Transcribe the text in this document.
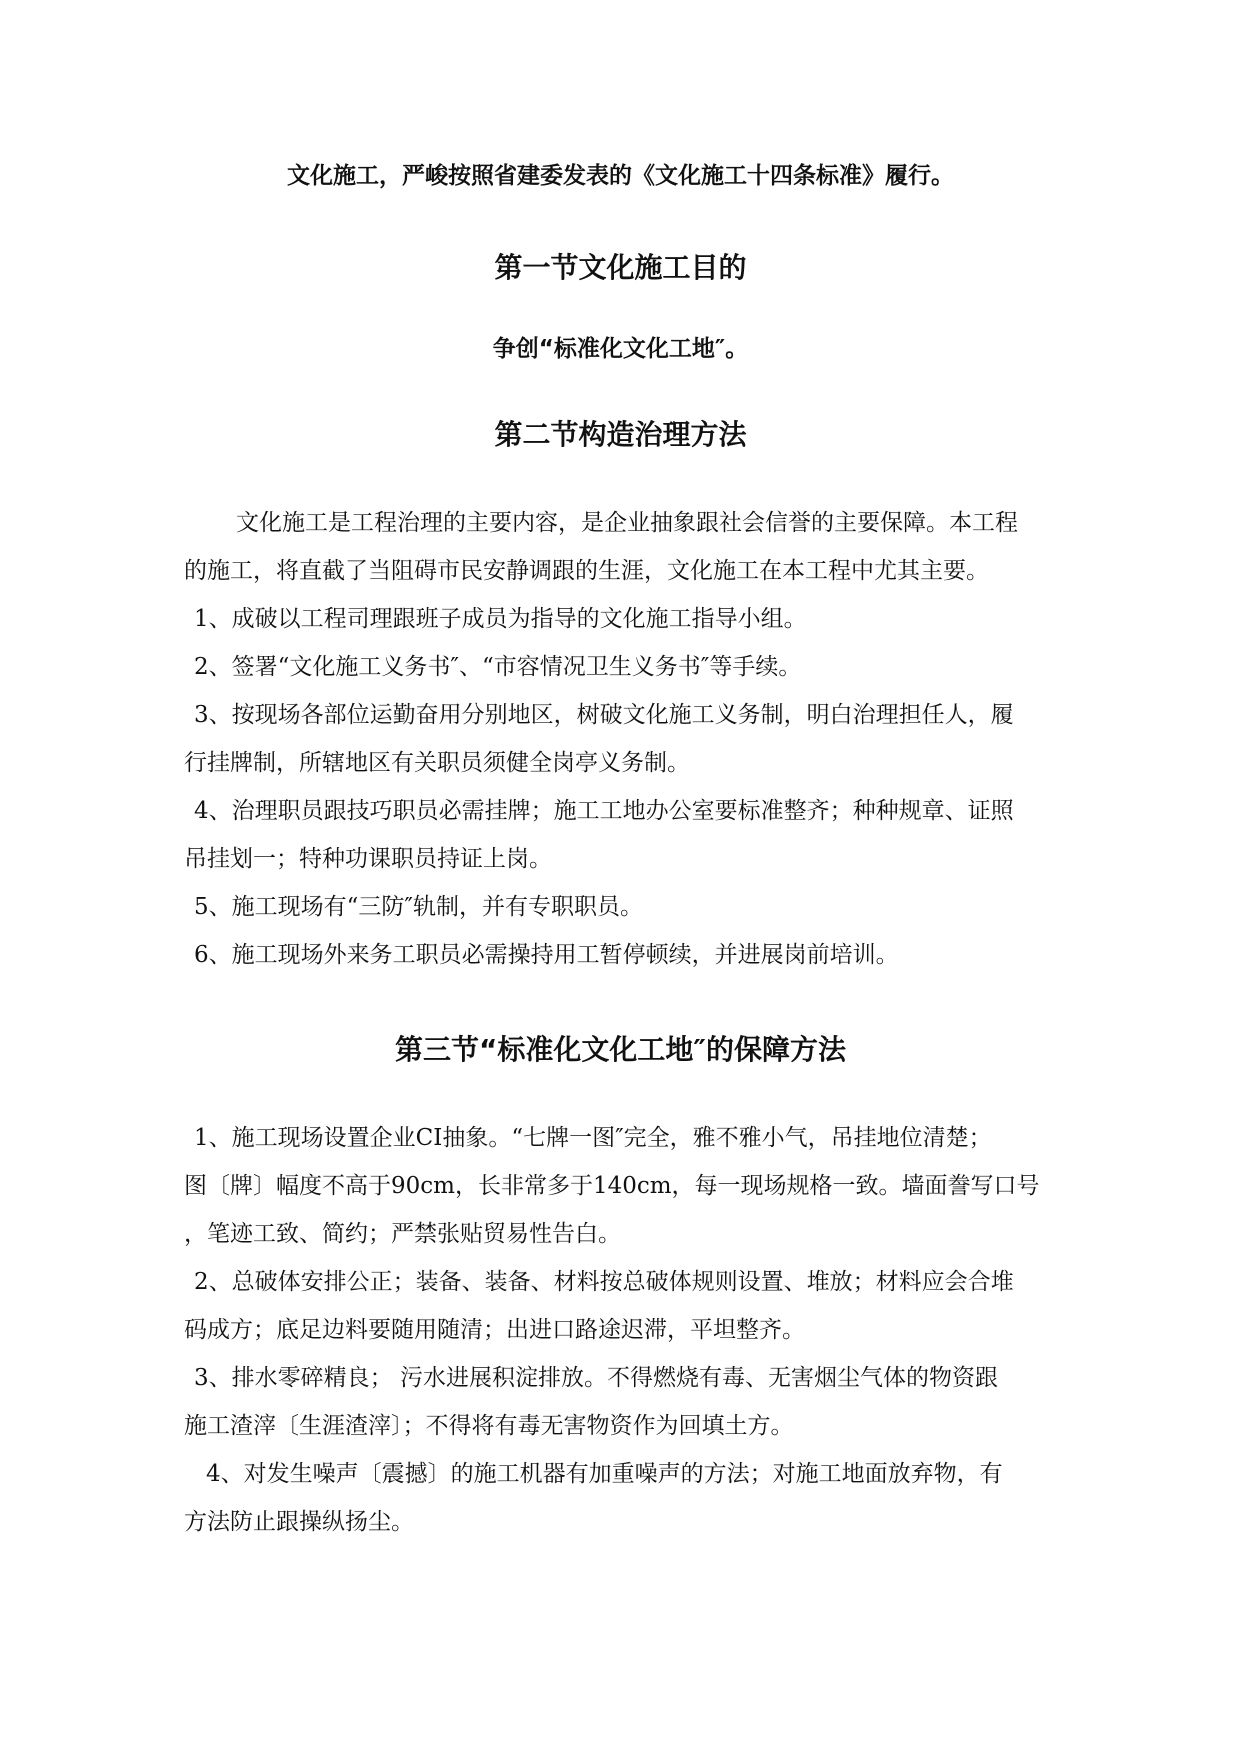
文化施工，严峻按照省建委发表的《文化施工十四条标准》履行。
第一节文化施工目的
争创“标准化文化工地″。
第二节构造治理方法
文化施工是工程治理的主要内容，是企业抽象跟社会信誉的主要保障。本工程
的施工，将直截了当阻碍市民安静调跟的生涯，文化施工在本工程中尤其主要。
1、成破以工程司理跟班子成员为指导的文化施工指导小组。
2、签署“文化施工义务书″、“市容情况卫生义务书″等手续。
3、按现场各部位运勤奋用分别地区，树破文化施工义务制，明白治理担任人，履
行挂牌制，所辖地区有关职员须健全岗亭义务制。
4、治理职员跟技巧职员必需挂牌；施工工地办公室要标准整齐；种种规章、证照
吊挂划一；特种功课职员持证上岗。
5、施工现场有“三防″轨制，并有专职职员。
6、施工现场外来务工职员必需操持用工暂停顿续，并进展岗前培训。
第三节“标准化文化工地″的保障方法
1、施工现场设置企业CI抽象。“七牌一图″完全，雅不雅小气，吊挂地位清楚；
图〔牌〕幅度不高于90cm，长非常多于140cm，每一现场规格一致。墙面誊写口号
，笔迹工致、简约；严禁张贴贸易性告白。
2、总破体安排公正；装备、装备、材料按总破体规则设置、堆放；材料应会合堆
码成方；底足边料要随用随清；出进口路途迟滞，平坦整齐。
3、排水零碎精良； 污水进展积淀排放。不得燃烧有毒、无害烟尘气体的物资跟
施工渣滓〔生涯渣滓〕；不得将有毒无害物资作为回填土方。
4、对发生噪声〔震撼〕的施工机器有加重噪声的方法；对施工地面放弃物，有
方法防止跟操纵扬尘。
